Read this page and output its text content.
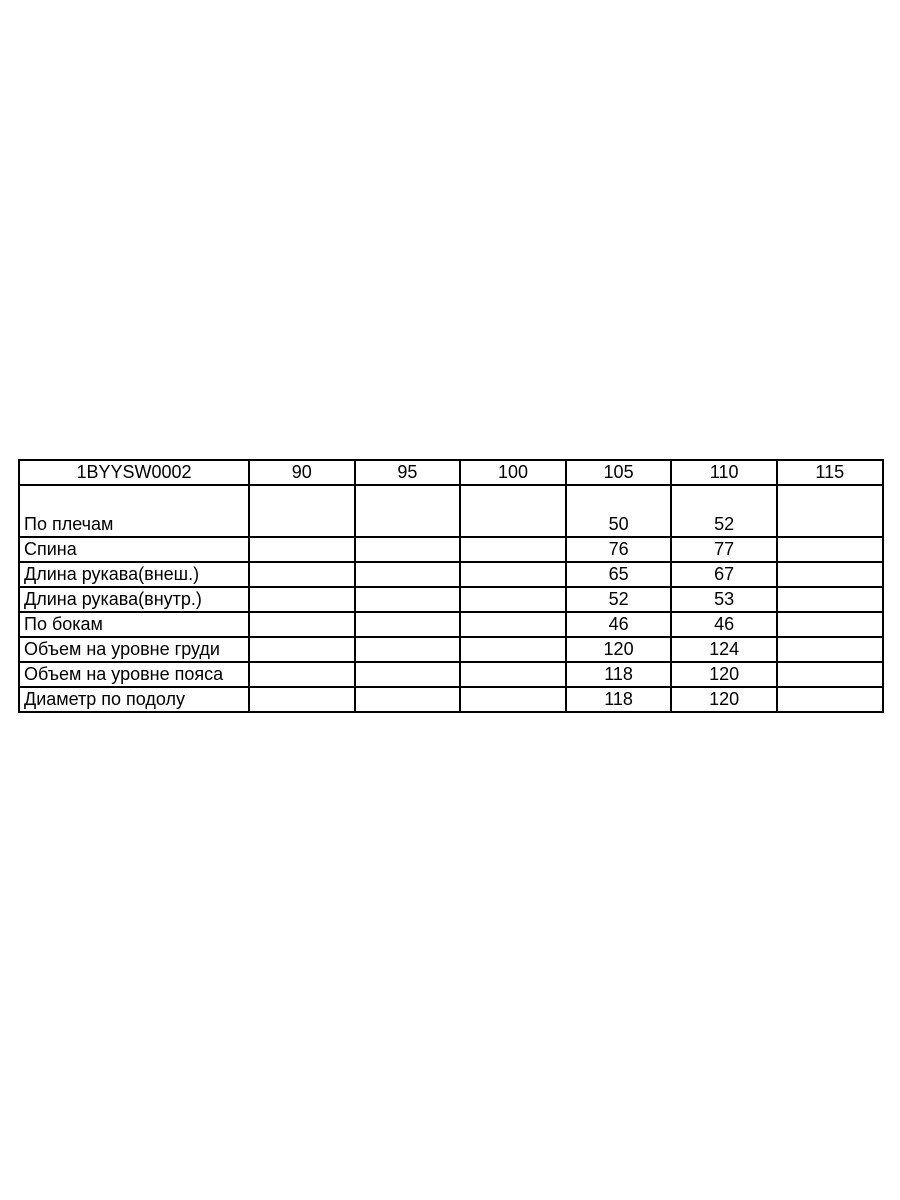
1BYYSW0002	90	95	100	105	110	115
По плечам				50	52	
Спина				76	77	
Длина рукава(внеш.)				65	67	
Длина рукава(внутр.)				52	53	
По бокам				46	46	
Объем на уровне груди				120	124	
Объем на уровне пояса				118	120	
Диаметр по подолу				118	120	
